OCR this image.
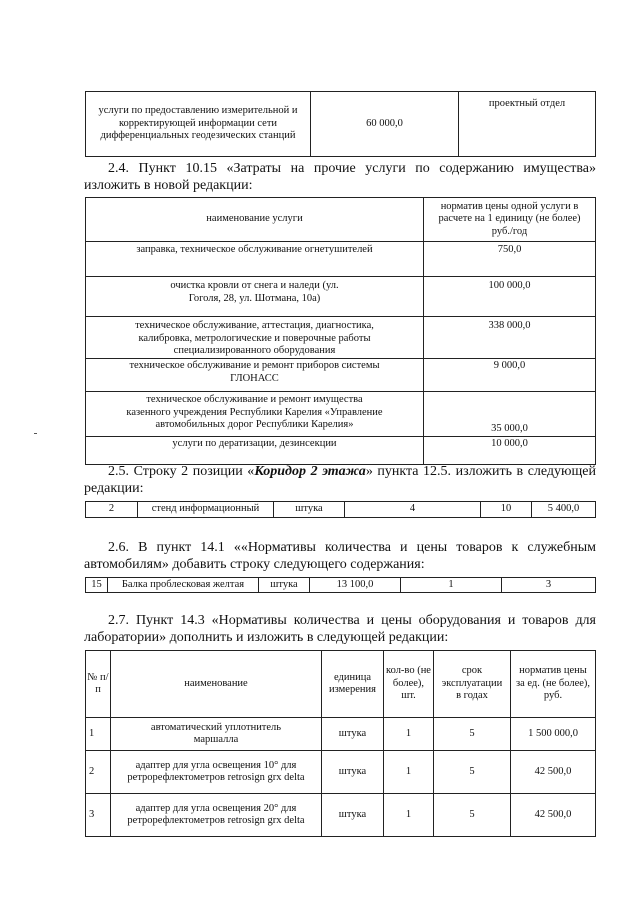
услуги по предоставлению измерительной и корректирующей информации сети дифференциальных геодезических станций	60 000,0	проектный отдел
2.4. Пункт 10.15 «Затраты на прочие услуги по содержанию имущества» изложить в новой редакции:
наименование услуги	норматив цены одной услуги в расчете на 1 единицу (не более) руб./год
заправка, техническое обслуживание огнетушителей	750,0
очистка кровли от снега и наледи (ул. Гоголя, 28, ул. Шотмана, 10а)	100 000,0
техническое обслуживание, аттестация, диагностика, калибровка, метрологические и поверочные работы специализированного оборудования	338 000,0
техническое обслуживание и ремонт приборов системы ГЛОНАСС	9 000,0
техническое обслуживание и ремонт имущества казенного учреждения Республики Карелия «Управление автомобильных дорог Республики Карелия»	35 000,0
услуги по дератизации, дезинсекции	10 000,0
2.5. Строку 2 позиции «Коридор 2 этажа» пункта 12.5. изложить в следующей редакции:
2	стенд информационный	штука	4	10	5 400,0
2.6. В пункт 14.1 ««Нормативы количества и цены товаров к служебным автомобилям» добавить строку следующего содержания:
15	Балка проблесковая желтая	штука	13 100,0	1	3
2.7. Пункт 14.3 «Нормативы количества и цены оборудования и товаров для лаборатории» дополнить и изложить в следующей редакции:
№ п/п	наименование	единица измерения	кол-во (не более), шт.	срок эксплуатации в годах	норматив цены за ед. (не более), руб.
1	автоматический уплотнитель маршалла	штука	1	5	1 500 000,0
2	адаптер для угла освещения 10° для ретрорефлектометров retrosign grx delta	штука	1	5	42 500,0
3	адаптер для угла освещения 20° для ретрорефлектометров retrosign grx delta	штука	1	5	42 500,0
